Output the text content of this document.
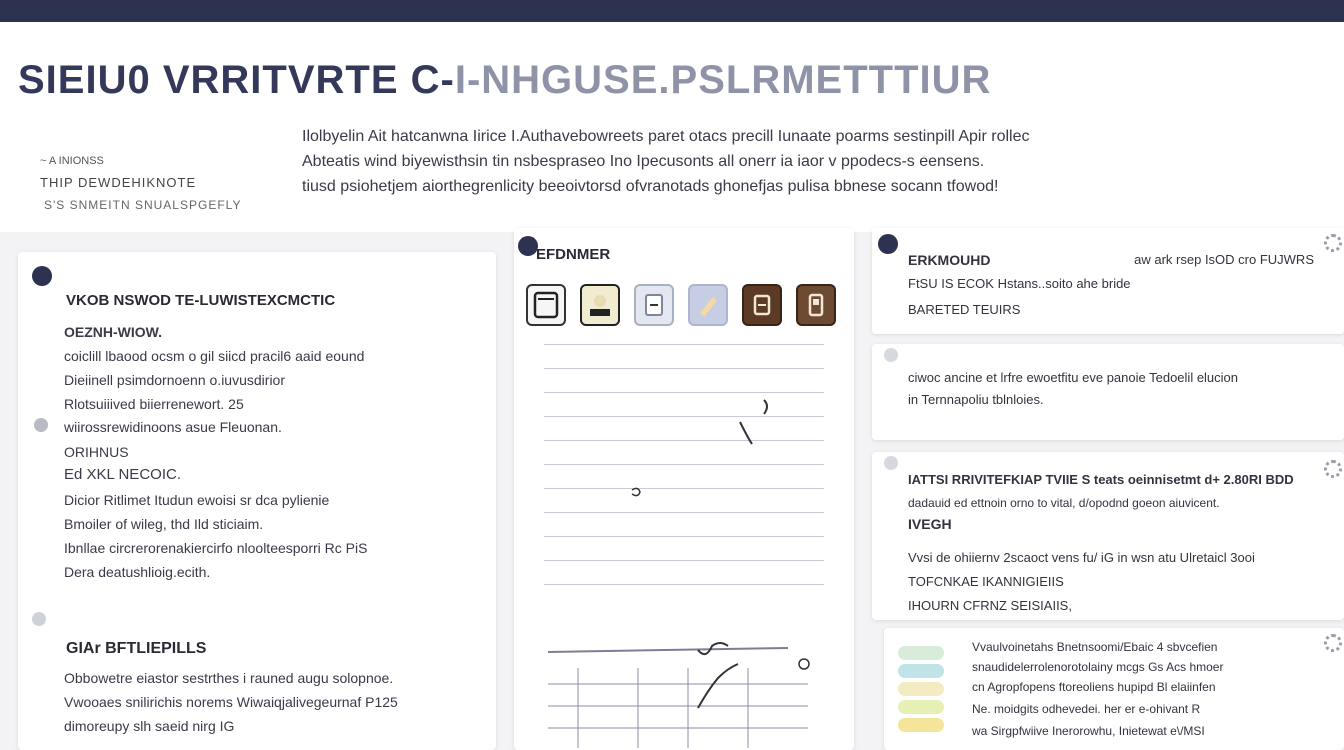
SIEIU0 VRRITVRTE C-I-NHGUSE.PSLRMETTTIUR
~ A INIONSS
THIP DEWDEHIKNOTE
S'S SNMEITN SNUALSPGEFLY
Ilolbyelin Ait hatcanwna Iirice I.Authavebowreets paret otacs precill Iunaate poarms sestinpill Apir rollec
Abteatis wind biyewisthsin tin nsbespraseo Ino Ipecusonts all onerr ia iaor v ppodecs-s eensens.
tiusd psiohetjem aiorthegrenlicity beeoivtorsd ofvranotads ghonefjas pulisa bbnese socann tfowod!
VKOB NSWOD TE-LUWISTEXCMCTIC
OEZNH-WIOW.
coiclill lbaood ocsm o gil siicd pracil6 aaid eound
Dieiinell psimdornoenn o.iuvusdirior
Rlotsuiiived biierrenewort. 25
wiirossrewidinoons asue Fleuonan.
ORIHNUS
Ed XKL NECOIC.
Dicior Ritlimet Itudun ewoisi sr dca pylienie
Bmoiler of wileg, thd Ild sticiaim.
Ibnllae circrerorenakiercirfo nloolteesporri Rc PiS
Dera deatushlioig.ecith.
GIAr BFTLIEPILLS
Obbowetre eiastor sestrthes i rauned augu solopnoe.
Vwooaes snilirichis norems Wiwaiqjalivegeurnaf P125
dimoreupy slh saeid nirg IG
EFDNMER	ERKMOUHD	aw ark rsep IsOD cro FUJWRS
FtSU IS ECOK Hstans..soito ahe bride
BARETED TEUIRS
ciwoc ancine et lrfre ewoetfitu eve panoie Tedoelil elucion
in Ternnapoliu tblnloies.
IATTSI RRIVITEFKIAP TVIIE S teats oeinnisetmt d+ 2.80RI BDD
dadauid ed ettnoin orno to vital, d/opodnd goeon aiuvicent.
IVEGH
Vvsi de ohiiernv 2scaoct vens fu/ iG in wsn atu Ulretaicl 3ooi
TOFCNKAE IKANNIGIEIIS
IHOURN CFRNZ SEISIAIIS,
Vvaulvoinetahs Bnetnsoomi/Ebaic 4 sbvcefien
snaudidelerrolenorotolainy mcgs Gs Acs hmoer
cn Agropfopens ftoreoliens hupipd Bl elaiinfen
Ne. moidgits odhevedei. her er e-ohivant R
wa Sirgpfwiive Inerorowhu, Inietewat e\/MSI
